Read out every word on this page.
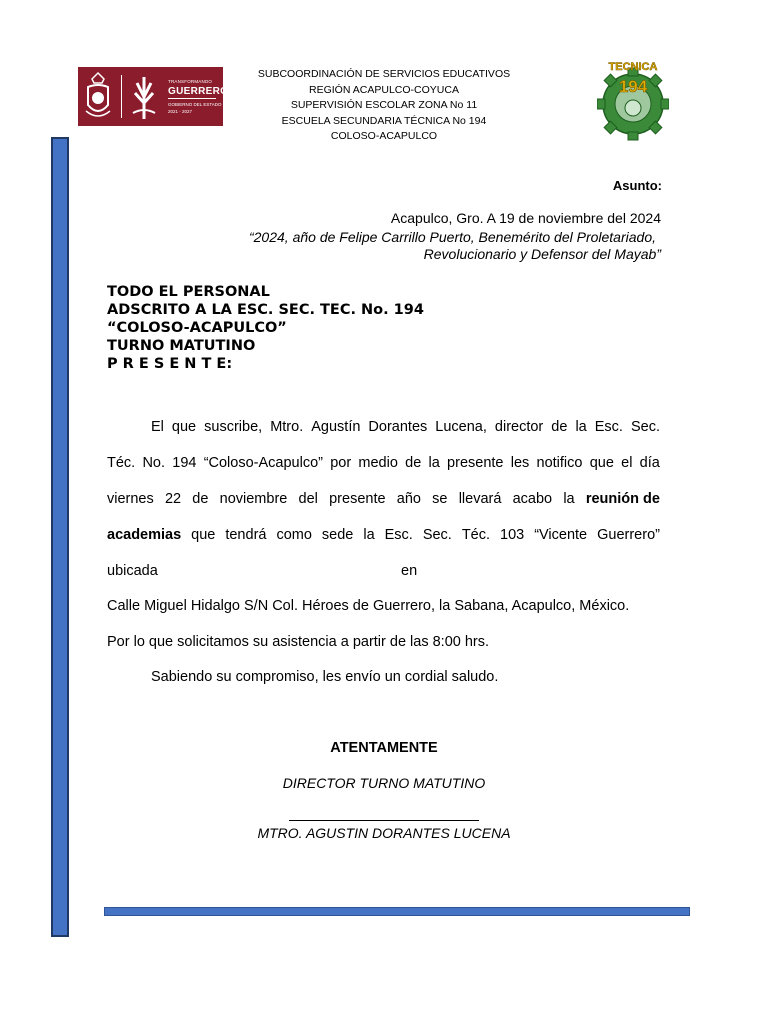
TRANSFORMANDO
GUERRERO
GOBIERNO DEL ESTADO
2021 - 2027
SUBCOORDINACIÓN DE SERVICIOS EDUCATIVOS
REGIÓN ACAPULCO-COYUCA
SUPERVISIÓN ESCOLAR ZONA No 11
ESCUELA SECUNDARIA TÉCNICA No 194
COLOSO-ACAPULCO
TECNICA
194
Asunto:
Acapulco, Gro. A 19 de noviembre del 2024
“2024, año de Felipe Carrillo Puerto, Benemérito del Proletariado,
Revolucionario y Defensor del Mayab”
TODO EL PERSONAL
ADSCRITO A LA ESC. SEC. TEC. No. 194
“COLOSO-ACAPULCO”
TURNO MATUTINO
P R E S E N T E:
El que suscribe, Mtro. Agustín Dorantes Lucena, director de la Esc. Sec.
Téc. No. 194 “Coloso-Acapulco” por medio de la presente les notifico que el día
viernes 22 de noviembre del presente año se llevará acabo la reunión de
academias que tendrá como sede la Esc. Sec. Téc. 103 “Vicente Guerrero”
ubicada	en
Calle Miguel Hidalgo S/N Col. Héroes de Guerrero, la Sabana, Acapulco, México.
Por lo que solicitamos su asistencia a partir de las 8:00 hrs.
Sabiendo su compromiso, les envío un cordial saludo.
ATENTAMENTE
DIRECTOR TURNO MATUTINO
MTRO. AGUSTIN DORANTES LUCENA
